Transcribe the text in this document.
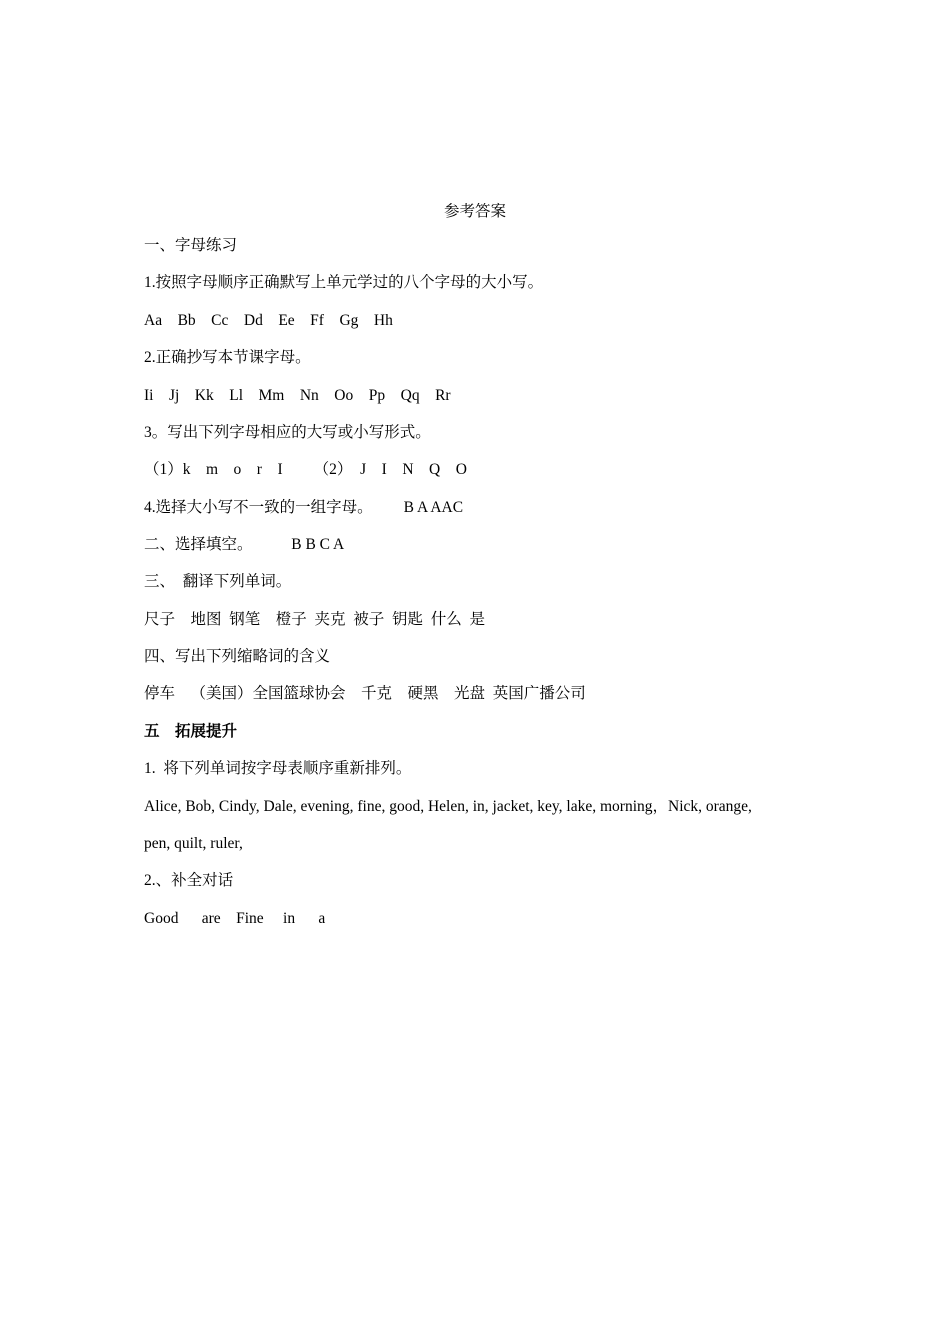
参考答案
一、字母练习
1.按照字母顺序正确默写上单元学过的八个字母的大小写。
Aa    Bb    Cc    Dd    Ee    Ff    Gg    Hh
2.正确抄写本节课字母。
Ii    Jj    Kk    Ll    Mm    Nn    Oo    Pp    Qq    Rr
3。写出下列字母相应的大写或小写形式。
（1）k    m    o    r    I        （2）  J    I    N    Q    O
4.选择大小写不一致的一组字母。        B A AAC
二、选择填空。          B B C A
三、  翻译下列单词。
尺子    地图  钢笔    橙子  夹克  被子  钥匙  什么  是
四、写出下列缩略词的含义
停车    （美国）全国篮球协会    千克    硬黑    光盘  英国广播公司
五    拓展提升
1.  将下列单词按字母表顺序重新排列。
Alice, Bob, Cindy, Dale, evening, fine, good, Helen, in, jacket, key, lake, morning，Nick, orange,
pen, quilt, ruler,
2.、补全对话
Good      are    Fine     in      a
